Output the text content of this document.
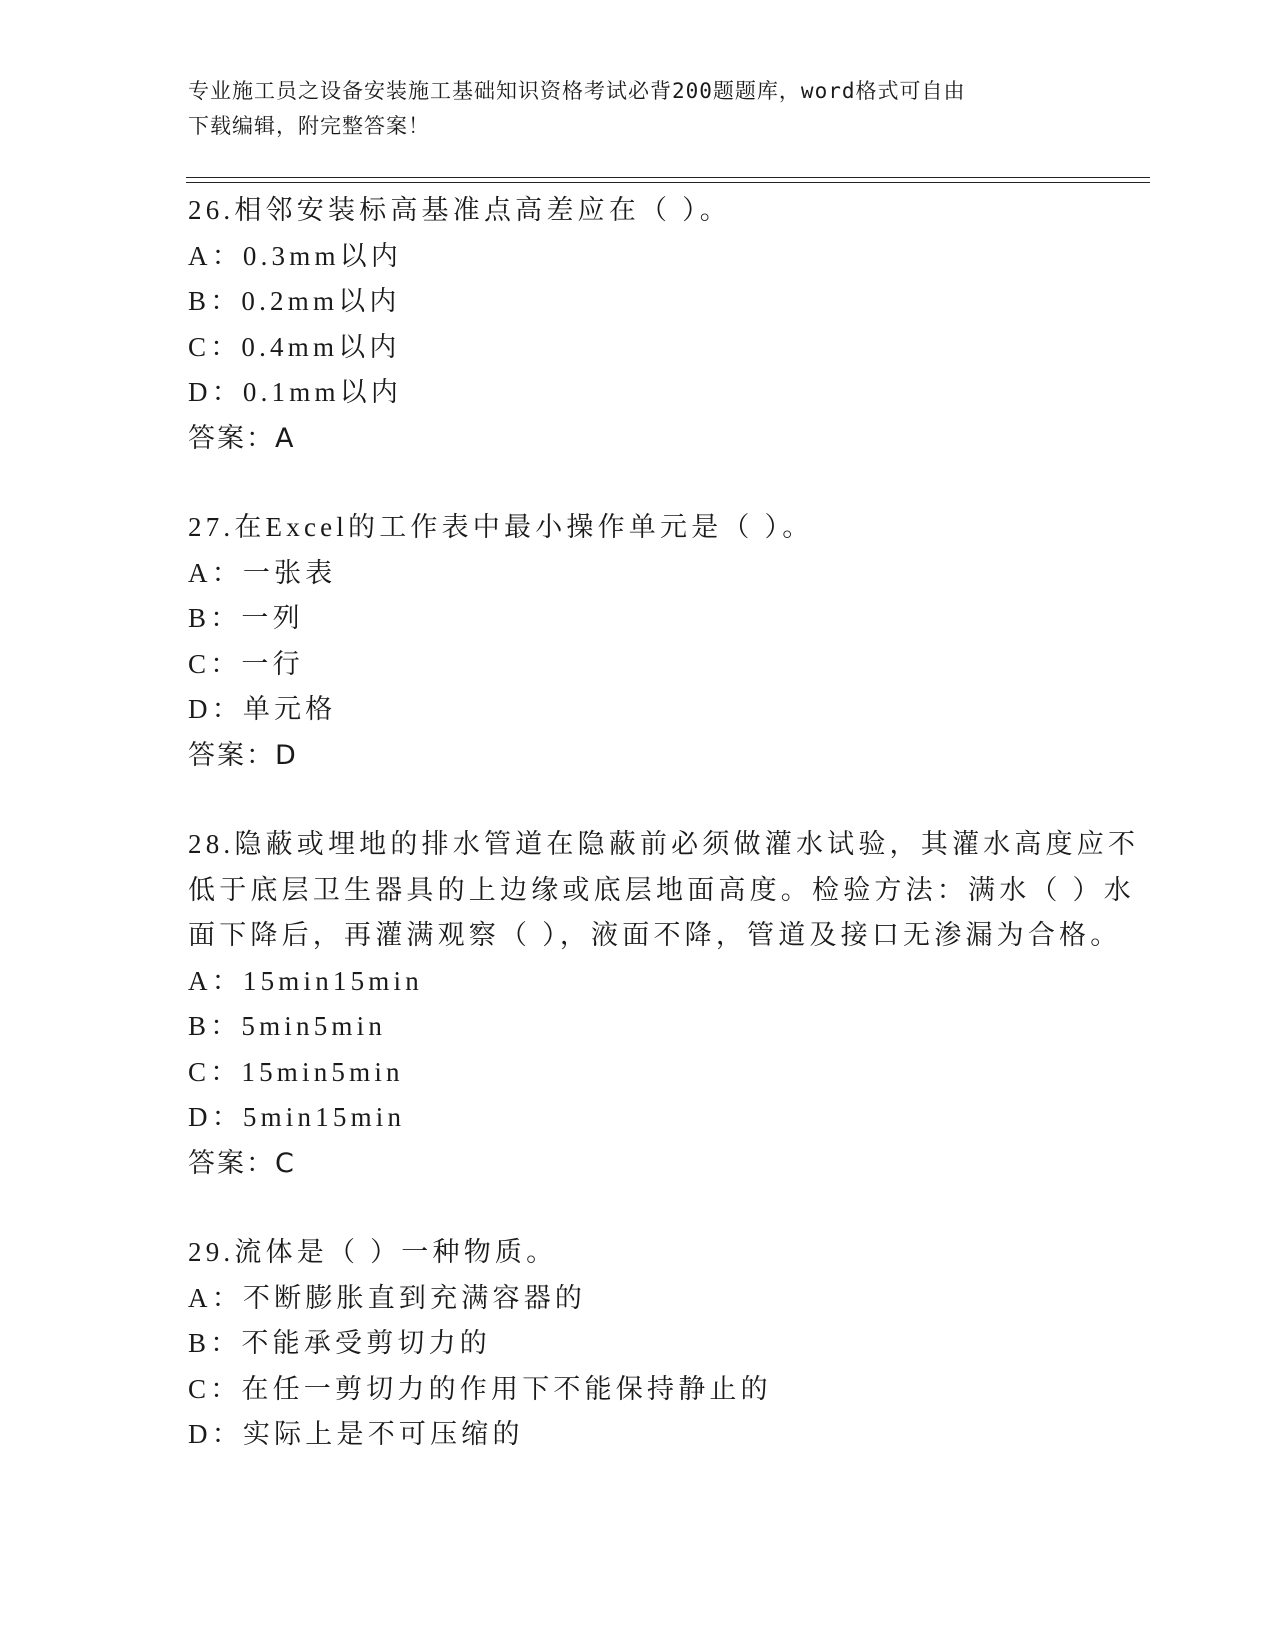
专业施工员之设备安装施工基础知识资格考试必背200题题库，word格式可自由
下载编辑，附完整答案！
26.相邻安装标高基准点高差应在（ ）。
A：0.3mm以内
B：0.2mm以内
C：0.4mm以内
D：0.1mm以内
答案：A
27.在Excel的工作表中最小操作单元是（ ）。
A：一张表
B：一列
C：一行
D：单元格
答案：D
28.隐蔽或埋地的排水管道在隐蔽前必须做灌水试验，其灌水高度应不
低于底层卫生器具的上边缘或底层地面高度。检验方法：满水（ ）水
面下降后，再灌满观察（ ），液面不降，管道及接口无渗漏为合格。
A：15min15min
B：5min5min
C：15min5min
D：5min15min
答案：C
29.流体是（ ）一种物质。
A：不断膨胀直到充满容器的
B：不能承受剪切力的
C：在任一剪切力的作用下不能保持静止的
D：实际上是不可压缩的
